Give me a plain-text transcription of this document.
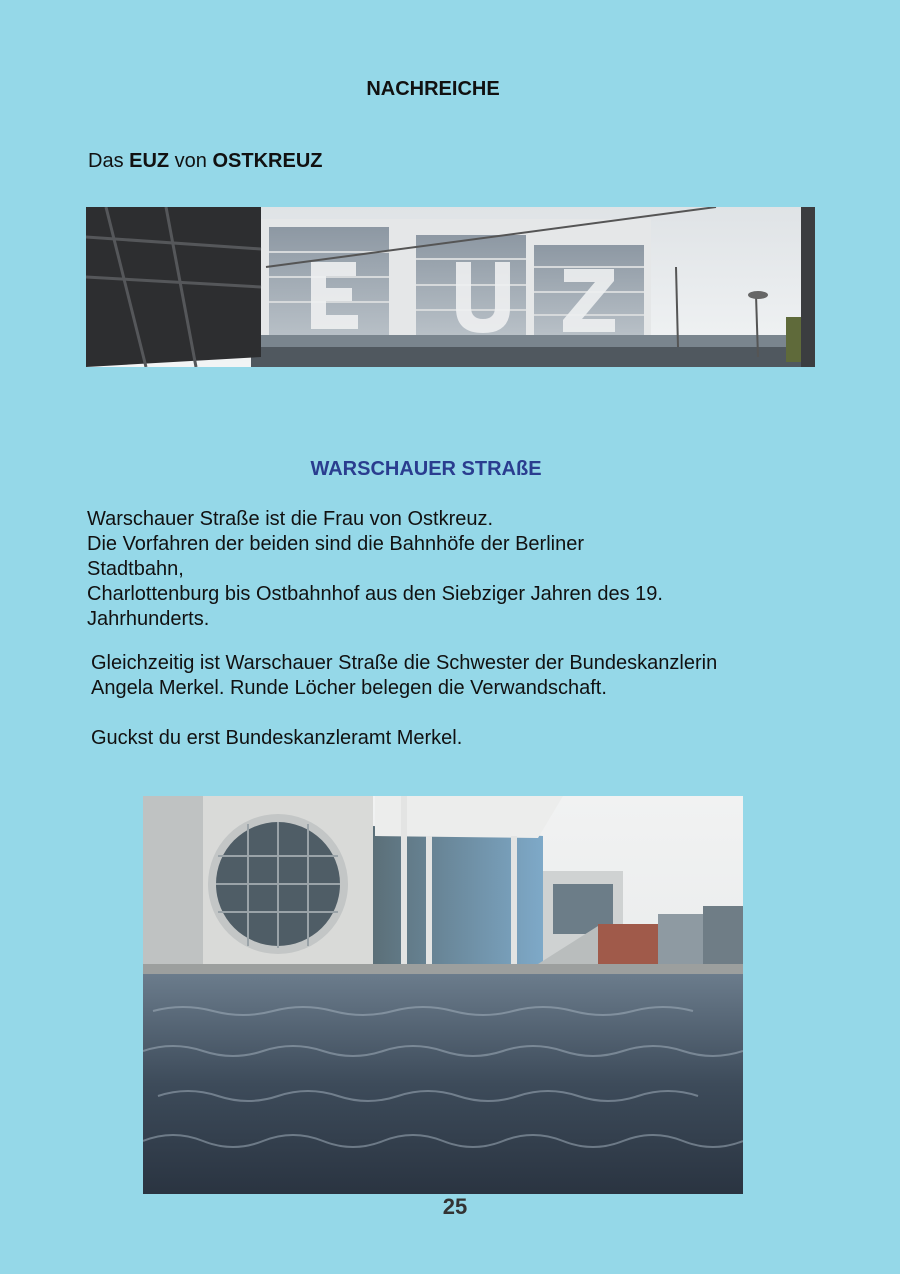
NACHREICHE
Das EUZ von OSTKREUZ
WARSCHAUER STRAßE
Warschauer Straße ist die Frau von Ostkreuz.
Die Vorfahren der beiden sind die Bahnhöfe der Berliner
Stadtbahn,
Charlottenburg bis Ostbahnhof aus den Siebziger Jahren des 19.
Jahrhunderts.
Gleichzeitig ist Warschauer Straße die Schwester der Bundeskanzlerin
Angela Merkel. Runde Löcher belegen die Verwandschaft.
Guckst du erst Bundeskanzleramt Merkel.
25
